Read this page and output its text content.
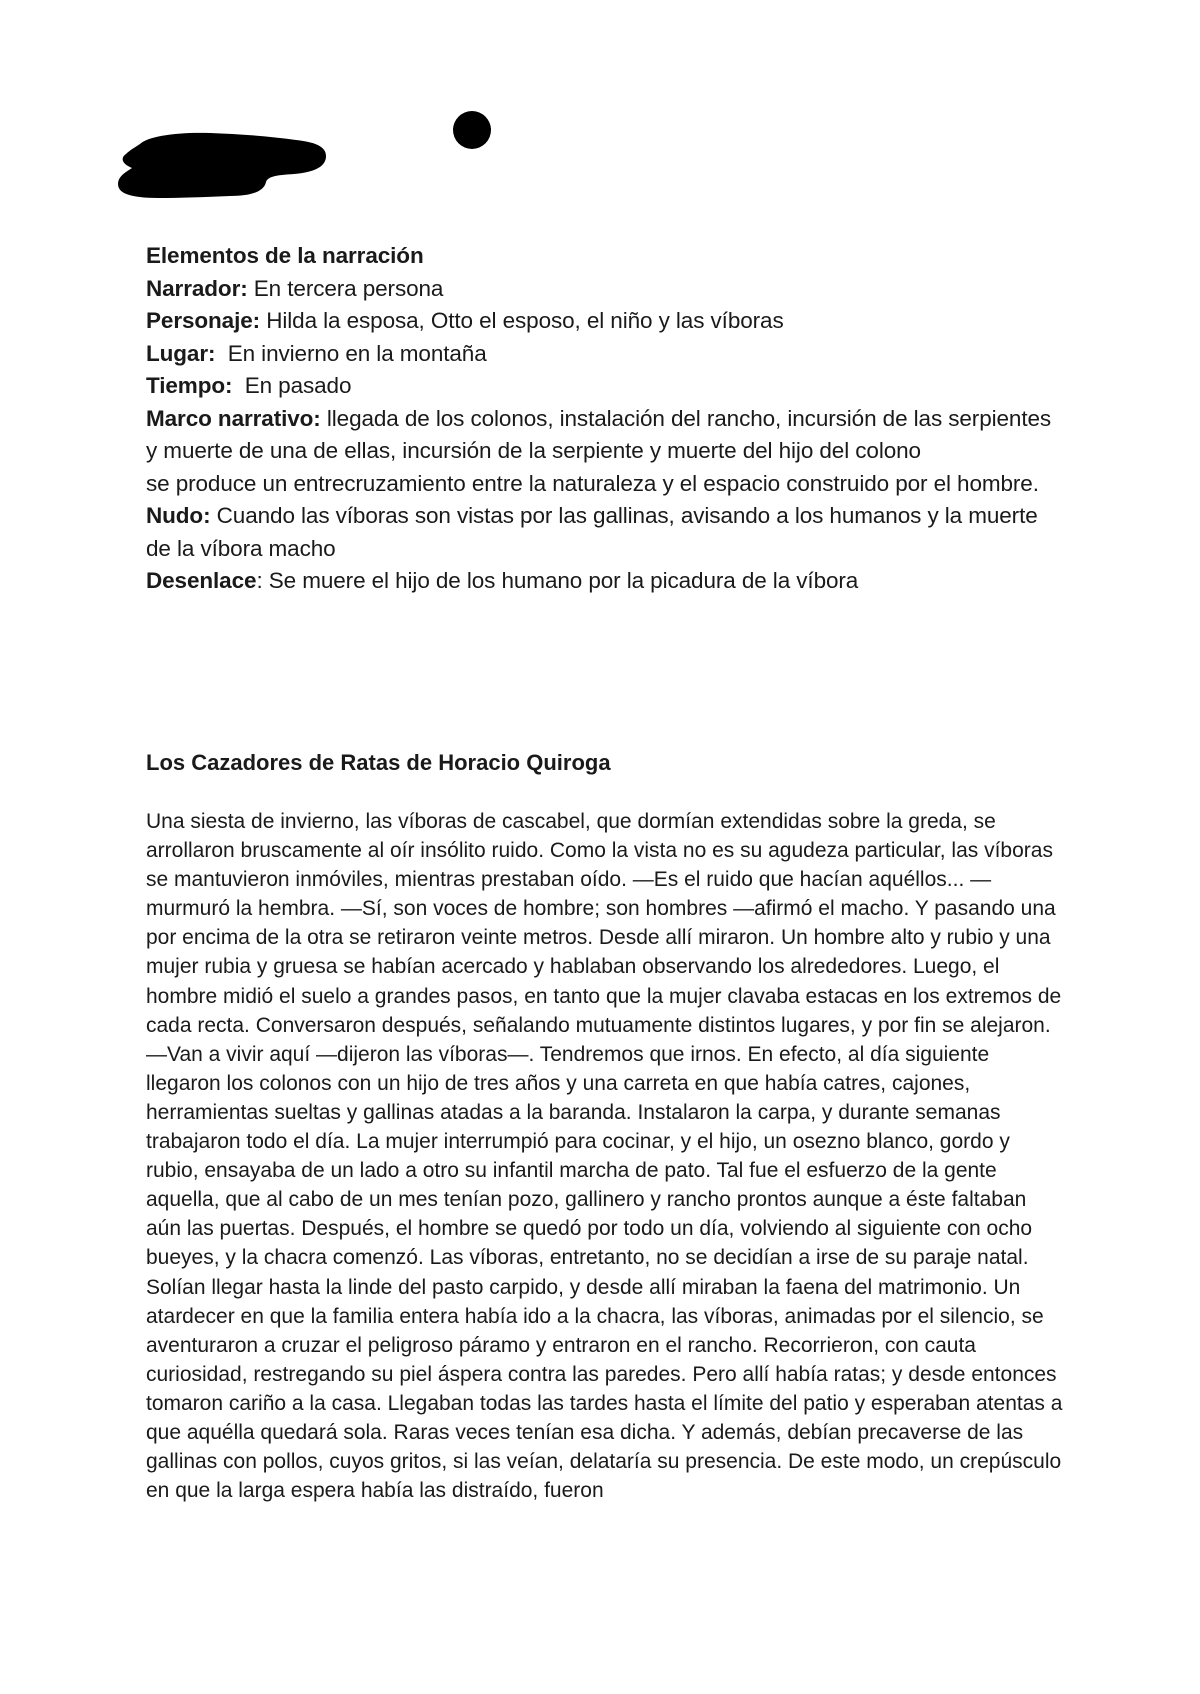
Elementos de la narración

Narrador: En tercera persona

Personaje: Hilda la esposa, Otto el esposo, el niño y las víboras

Lugar:  En invierno en la montaña

Tiempo:  En pasado

Marco narrativo: llegada de los colonos, instalación del rancho, incursión de las serpientes y muerte de una de ellas, incursión de la serpiente y muerte del hijo del colono

se produce un entrecruzamiento entre la naturaleza y el espacio construido por el hombre.

Nudo: Cuando las víboras son vistas por las gallinas, avisando a los humanos y la muerte de la víbora macho

Desenlace: Se muere el hijo de los humano por la picadura de la víbora

Los Cazadores de Ratas de Horacio Quiroga

Una siesta de invierno, las víboras de cascabel, que dormían extendidas sobre la greda, se arrollaron bruscamente al oír insólito ruido. Como la vista no es su agudeza particular, las víboras se mantuvieron inmóviles, mientras prestaban oído. —Es el ruido que hacían aquéllos... —murmuró la hembra. —Sí, son voces de hombre; son hombres —afirmó el macho. Y pasando una por encima de la otra se retiraron veinte metros. Desde allí miraron. Un hombre alto y rubio y una mujer rubia y gruesa se habían acercado y hablaban observando los alrededores. Luego, el hombre midió el suelo a grandes pasos, en tanto que la mujer clavaba estacas en los extremos de cada recta. Conversaron después, señalando mutuamente distintos lugares, y por fin se alejaron. —Van a vivir aquí —dijeron las víboras—. Tendremos que irnos. En efecto, al día siguiente llegaron los colonos con un hijo de tres años y una carreta en que había catres, cajones, herramientas sueltas y gallinas atadas a la baranda. Instalaron la carpa, y durante semanas trabajaron todo el día. La mujer interrumpió para cocinar, y el hijo, un osezno blanco, gordo y rubio, ensayaba de un lado a otro su infantil marcha de pato. Tal fue el esfuerzo de la gente aquella, que al cabo de un mes tenían pozo, gallinero y rancho prontos aunque a éste faltaban aún las puertas. Después, el hombre se quedó por todo un día, volviendo al siguiente con ocho bueyes, y la chacra comenzó. Las víboras, entretanto, no se decidían a irse de su paraje natal. Solían llegar hasta la linde del pasto carpido, y desde allí miraban la faena del matrimonio. Un atardecer en que la familia entera había ido a la chacra, las víboras, animadas por el silencio, se aventuraron a cruzar el peligroso páramo y entraron en el rancho. Recorrieron, con cauta curiosidad, restregando su piel áspera contra las paredes. Pero allí había ratas; y desde entonces tomaron cariño a la casa. Llegaban todas las tardes hasta el límite del patio y esperaban atentas a que aquélla quedará sola. Raras veces tenían esa dicha. Y además, debían precaverse de las gallinas con pollos, cuyos gritos, si las veían, delataría su presencia. De este modo, un crepúsculo en que la larga espera había las distraído, fueron
